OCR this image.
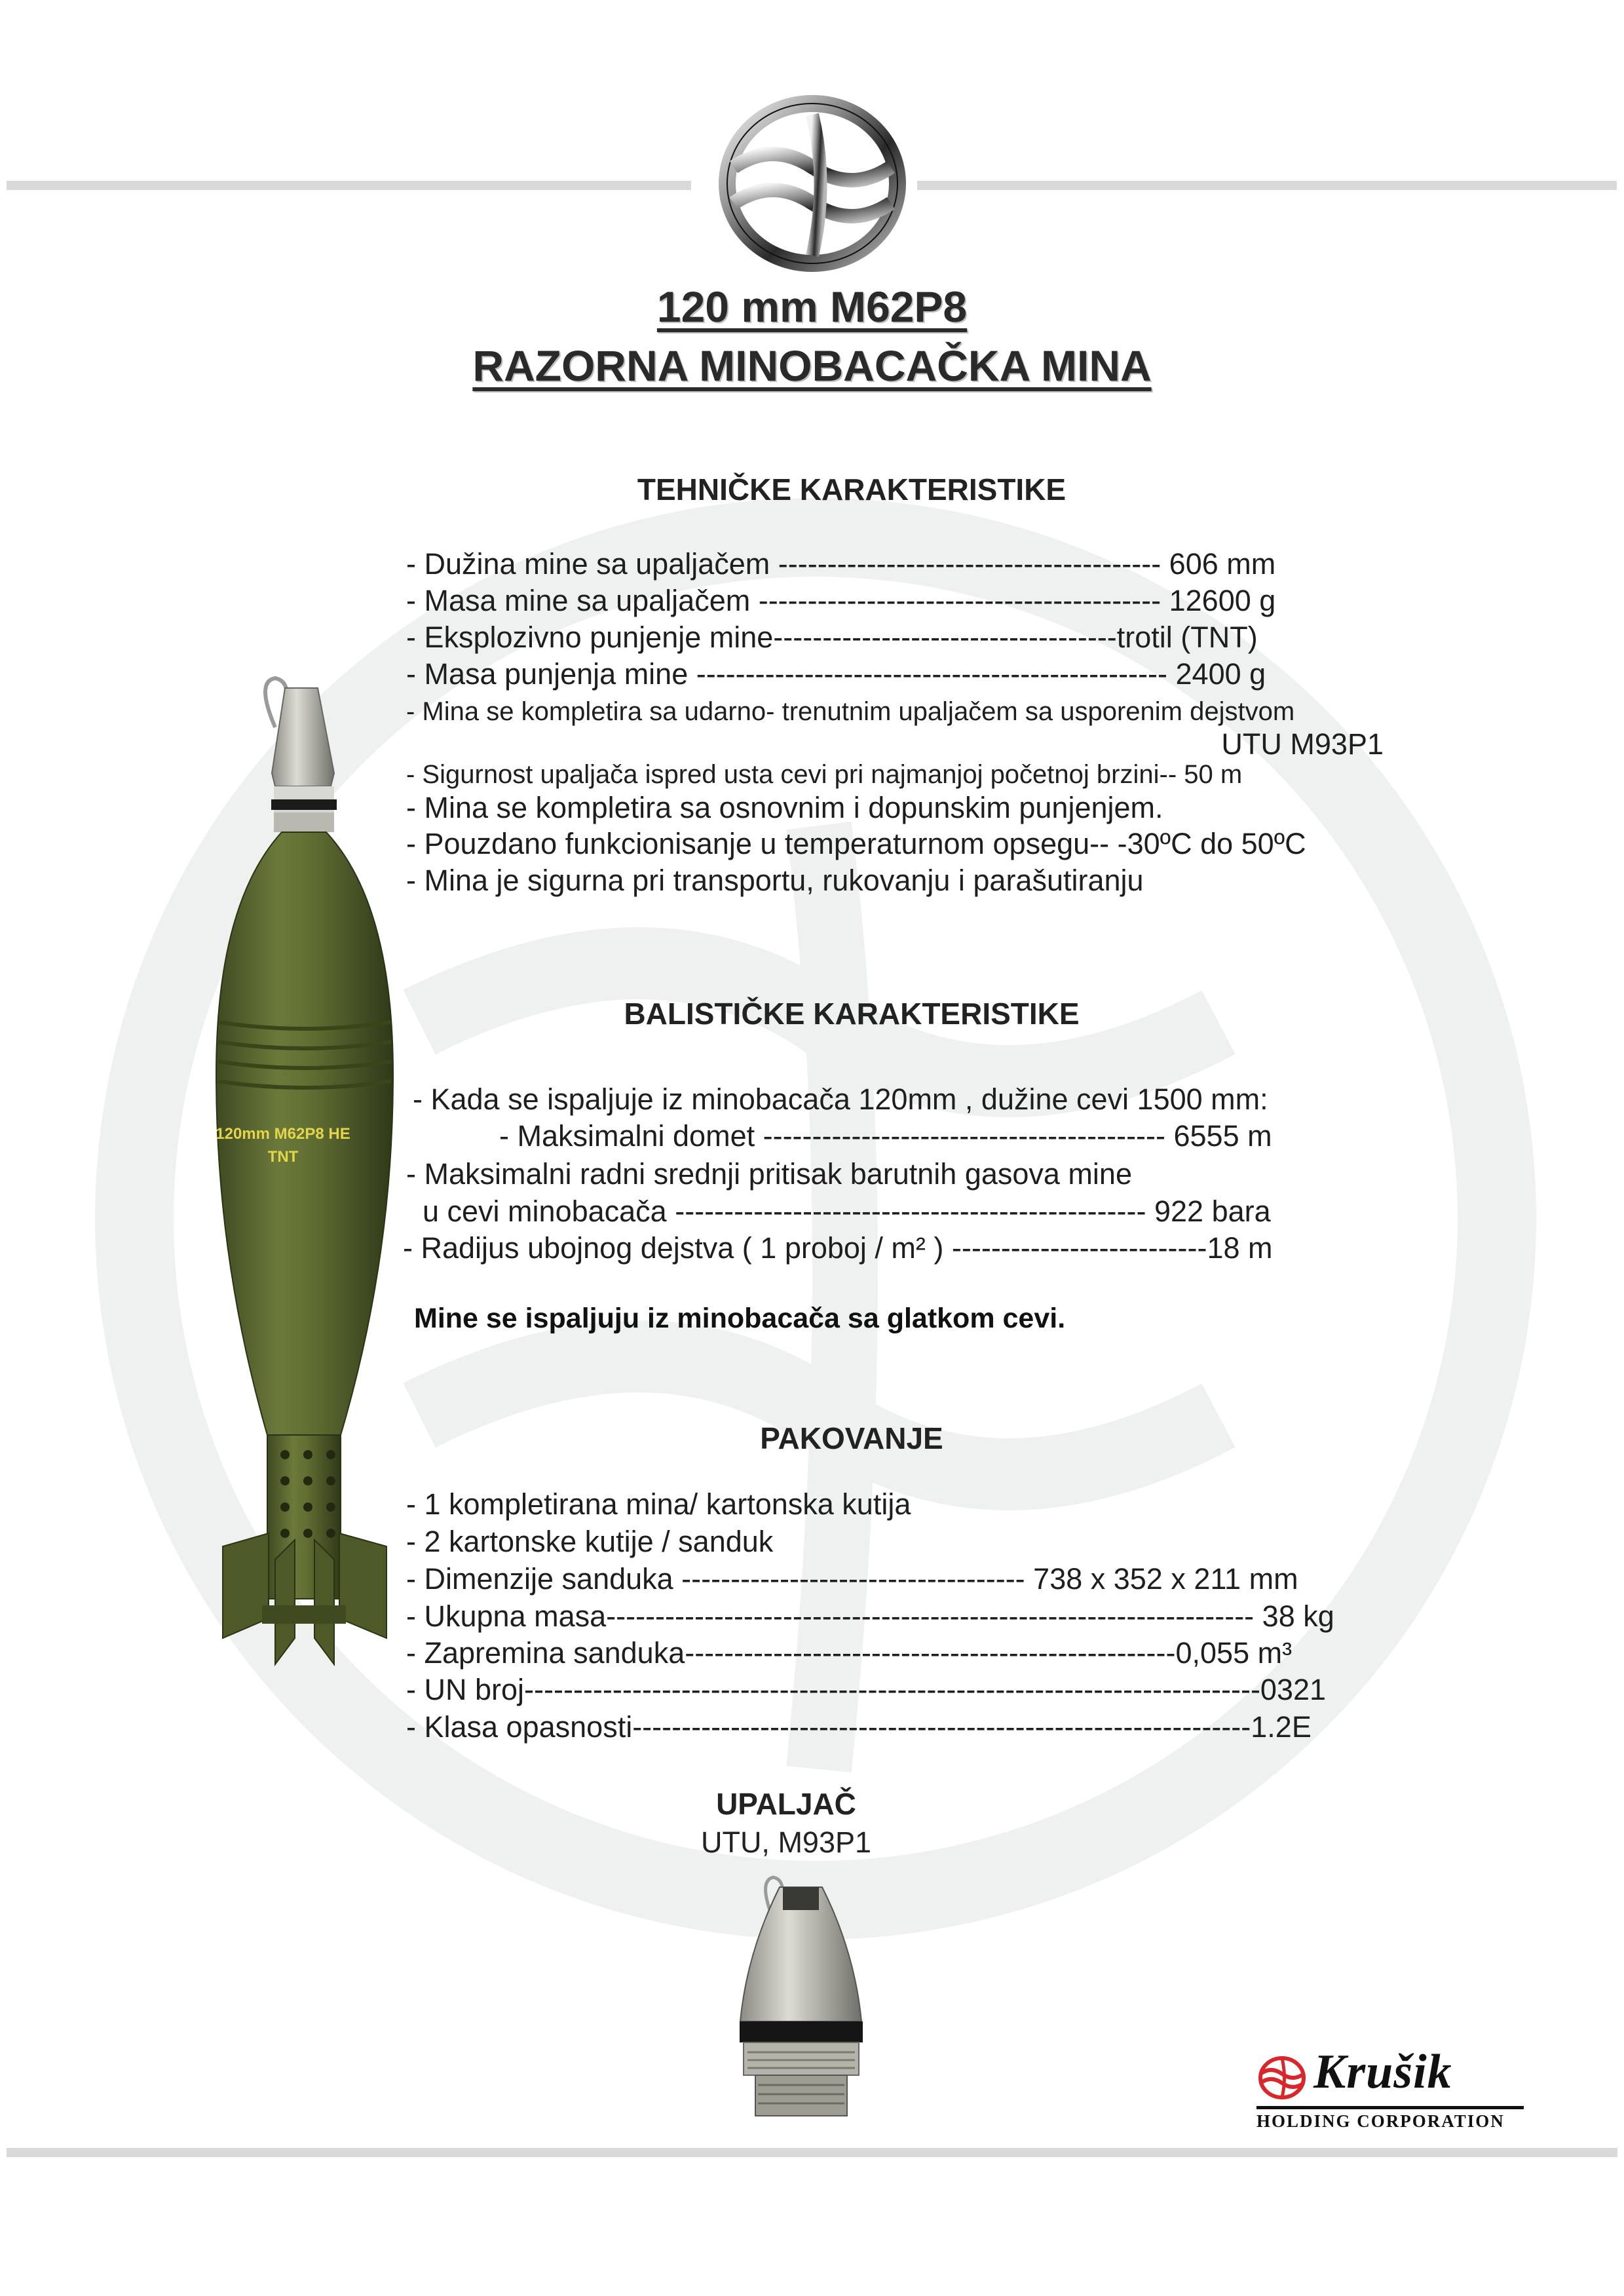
120 mm M62P8
RAZORNA MINOBACAČKA MINA
TEHNIČKE KARAKTERISTIKE
- Dužina mine sa upaljačem --------------------------------------- 606 mm
- Masa mine sa upaljačem ----------------------------------------- 12600 g
- Eksplozivno punjenje mine-----------------------------------trotil (TNT)
- Masa punjenja mine ------------------------------------------------ 2400 g
- Mina se kompletira sa udarno- trenutnim upaljačem sa usporenim dejstvom
UTU M93P1
- Sigurnost upaljača ispred usta cevi pri najmanjoj početnoj brzini-- 50 m
- Mina se kompletira sa osnovnim i dopunskim punjenjem.
- Pouzdano funkcionisanje u temperaturnom opsegu-- -30ºC do 50ºC
- Mina je sigurna pri transportu, rukovanju i parašutiranju
BALISTIČKE KARAKTERISTIKE
- Kada se ispaljuje iz minobacača 120mm , dužine cevi 1500 mm:
- Maksimalni domet ----------------------------------------- 6555 m
- Maksimalni radni srednji pritisak barutnih gasova mine
u cevi minobacača ------------------------------------------------ 922 bara
- Radijus ubojnog dejstva ( 1 proboj / m² ) --------------------------18 m
Mine se ispaljuju iz minobacača sa glatkom cevi.
PAKOVANJE
- 1 kompletirana mina/ kartonska kutija
- 2 kartonske kutije / sanduk
- Dimenzije sanduka ----------------------------------- 738 x 352 x 211 mm
- Ukupna masa------------------------------------------------------------------ 38 kg
- Zapremina sanduka--------------------------------------------------0,055 m³
- UN broj---------------------------------------------------------------------------0321
- Klasa opasnosti---------------------------------------------------------------1.2E
UPALJAČ
UTU, M93P1
120mm M62P8 HE
TNT
Krušik
HOLDING CORPORATION
